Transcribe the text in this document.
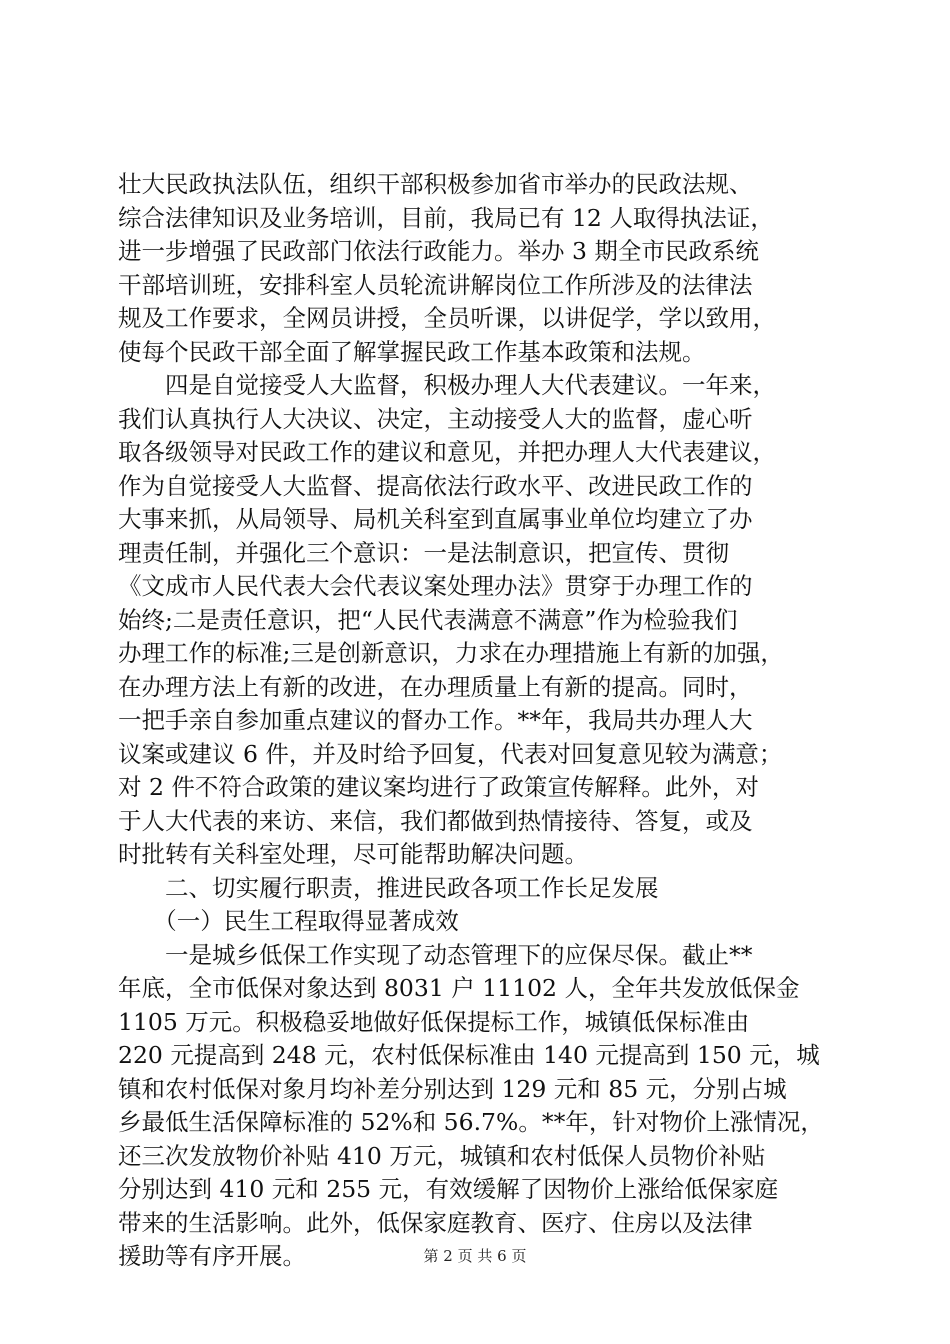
壮大民政执法队伍，组织干部积极参加省市举办的民政法规、
综合法律知识及业务培训，目前，我局已有 12 人取得执法证，
进一步增强了民政部门依法行政能力。举办 3 期全市民政系统
干部培训班，安排科室人员轮流讲解岗位工作所涉及的法律法
规及工作要求，全网员讲授，全员听课，以讲促学，学以致用，
使每个民政干部全面了解掌握民政工作基本政策和法规。
　　四是自觉接受人大监督，积极办理人大代表建议。一年来，
我们认真执行人大决议、决定，主动接受人大的监督，虚心听
取各级领导对民政工作的建议和意见，并把办理人大代表建议，
作为自觉接受人大监督、提高依法行政水平、改进民政工作的
大事来抓，从局领导、局机关科室到直属事业单位均建立了办
理责任制，并强化三个意识：一是法制意识，把宣传、贯彻
《文成市人民代表大会代表议案处理办法》贯穿于办理工作的
始终;二是责任意识，把“人民代表满意不满意”作为检验我们
办理工作的标准;三是创新意识，力求在办理措施上有新的加强，
在办理方法上有新的改进，在办理质量上有新的提高。同时，
一把手亲自参加重点建议的督办工作。**年，我局共办理人大
议案或建议 6 件，并及时给予回复，代表对回复意见较为满意；
对 2 件不符合政策的建议案均进行了政策宣传解释。此外，对
于人大代表的来访、来信，我们都做到热情接待、答复，或及
时批转有关科室处理，尽可能帮助解决问题。
　　二、切实履行职责，推进民政各项工作长足发展
　　（一）民生工程取得显著成效
　　一是城乡低保工作实现了动态管理下的应保尽保。截止**
年底，全市低保对象达到 8031 户 11102 人，全年共发放低保金
1105 万元。积极稳妥地做好低保提标工作，城镇低保标准由
220 元提高到 248 元，农村低保标准由 140 元提高到 150 元，城
镇和农村低保对象月均补差分别达到 129 元和 85 元，分别占城
乡最低生活保障标准的 52%和 56.7%。**年，针对物价上涨情况，
还三次发放物价补贴 410 万元，城镇和农村低保人员物价补贴
分别达到 410 元和 255 元，有效缓解了因物价上涨给低保家庭
带来的生活影响。此外，低保家庭教育、医疗、住房以及法律
援助等有序开展。	第 2 页 共 6 页
